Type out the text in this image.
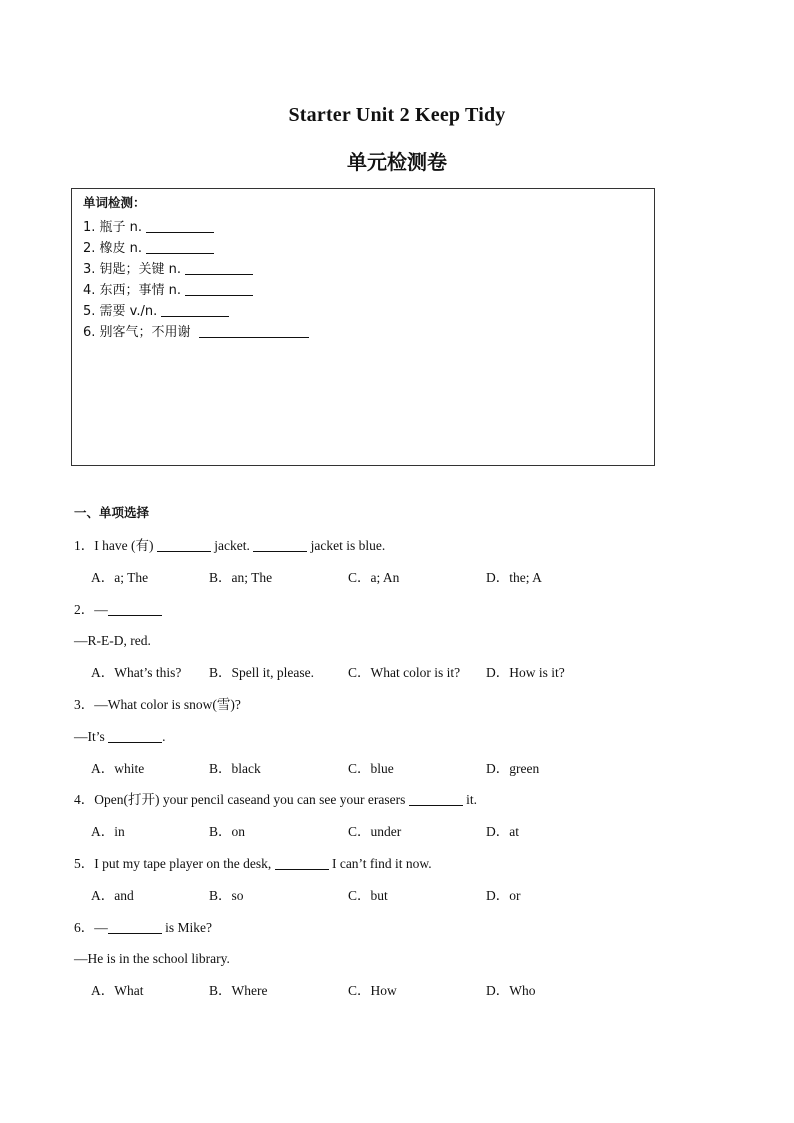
Starter Unit 2 Keep Tidy
单元检测卷
单词检测：
1. 瓶子 n.
2. 橡皮 n.
3. 钥匙；关键 n.
4. 东西；事情 n.
5. 需要 v./n.
6. 别客气；不用谢
一、单项选择
1．I have (有)	jacket.	jacket is blue.
A．a; The	B．an; The	C．a; An	D．the; A
2．—
—R-E-D, red.
A．What’s this? B．Spell it, please.	C．What color is it? D．How is it?
3．—What color is snow(雪)?
—It’s	.
A．white	B．black	C．blue	D．green
4．Open(打开) your pencil caseand you can see your erasers	it.
A．in	B．on	C．under	D．at
5．I put my tape player on the desk,	I can’t find it now.
A．and	B．so	C．but	D．or
6．—	is Mike?
—He is in the school library.
A．What	B．Where	C．How	D．Who
